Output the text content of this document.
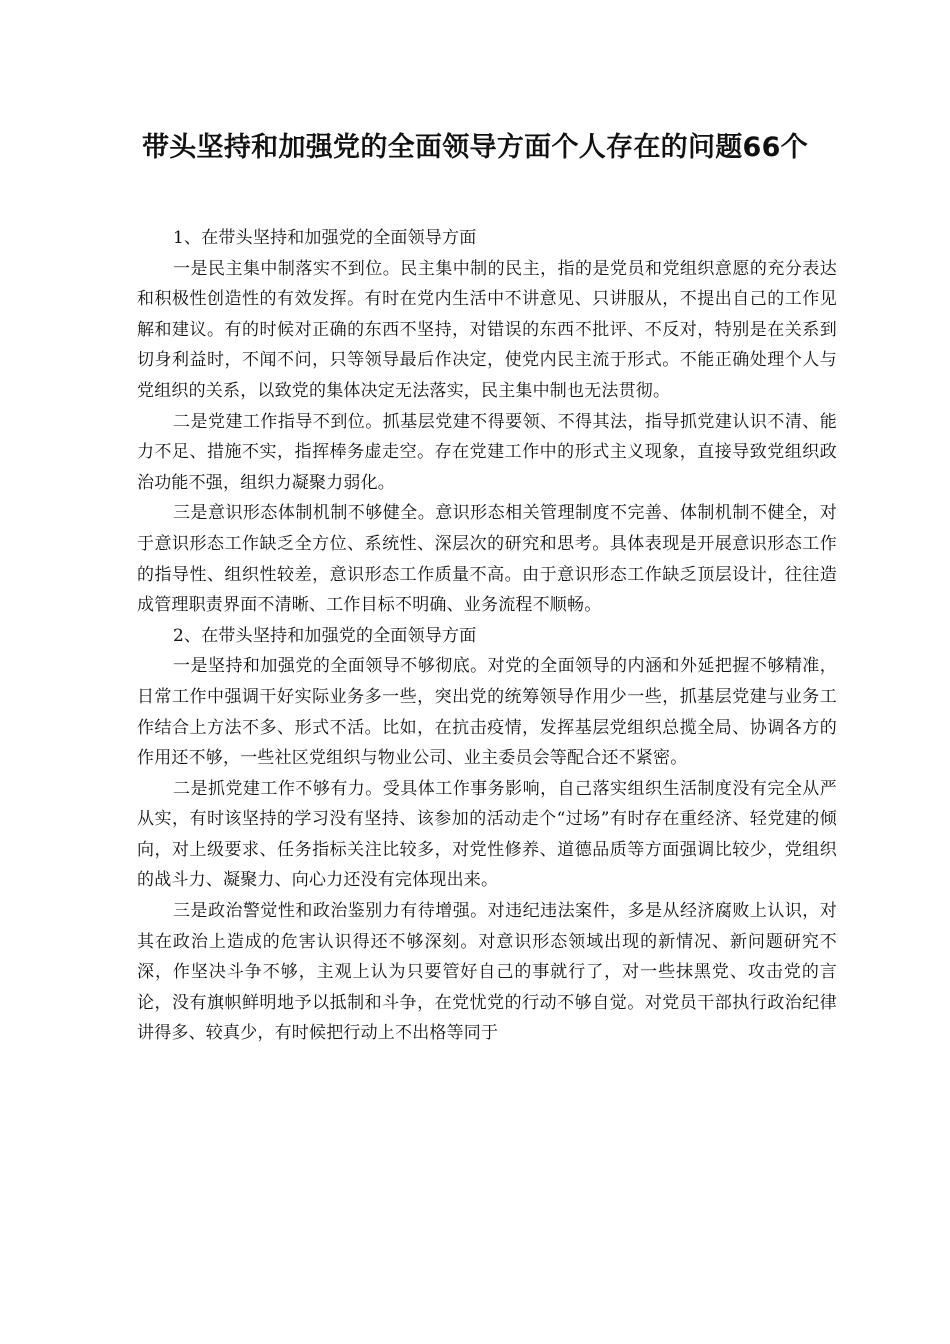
带头坚持和加强党的全面领导方面个人存在的问题66个

1、在带头坚持和加强党的全面领导方面

一是民主集中制落实不到位。民主集中制的民主，指的是党员和党组织意愿的充分表达和积极性创造性的有效发挥。有时在党内生活中不讲意见、只讲服从，不提出自己的工作见解和建议。有的时候对正确的东西不坚持，对错误的东西不批评、不反对，特别是在关系到切身利益时，不闻不问，只等领导最后作决定，使党内民主流于形式。不能正确处理个人与党组织的关系，以致党的集体决定无法落实，民主集中制也无法贯彻。

二是党建工作指导不到位。抓基层党建不得要领、不得其法，指导抓党建认识不清、能力不足、措施不实，指挥棒务虚走空。存在党建工作中的形式主义现象，直接导致党组织政治功能不强，组织力凝聚力弱化。

三是意识形态体制机制不够健全。意识形态相关管理制度不完善、体制机制不健全，对于意识形态工作缺乏全方位、系统性、深层次的研究和思考。具体表现是开展意识形态工作的指导性、组织性较差，意识形态工作质量不高。由于意识形态工作缺乏顶层设计，往往造成管理职责界面不清晰、工作目标不明确、业务流程不顺畅。

2、在带头坚持和加强党的全面领导方面

一是坚持和加强党的全面领导不够彻底。对党的全面领导的内涵和外延把握不够精准，日常工作中强调干好实际业务多一些，突出党的统筹领导作用少一些，抓基层党建与业务工作结合上方法不多、形式不活。比如，在抗击疫情，发挥基层党组织总揽全局、协调各方的作用还不够，一些社区党组织与物业公司、业主委员会等配合还不紧密。

二是抓党建工作不够有力。受具体工作事务影响，自己落实组织生活制度没有完全从严从实，有时该坚持的学习没有坚持、该参加的活动走个“过场”有时存在重经济、轻党建的倾向，对上级要求、任务指标关注比较多，对党性修养、道德品质等方面强调比较少，党组织的战斗力、凝聚力、向心力还没有完体现出来。

三是政治警觉性和政治鉴别力有待增强。对违纪违法案件，多是从经济腐败上认识，对其在政治上造成的危害认识得还不够深刻。对意识形态领域出现的新情况、新问题研究不深，作坚决斗争不够，主观上认为只要管好自己的事就行了，对一些抹黑党、攻击党的言论，没有旗帜鲜明地予以抵制和斗争，在党忧党的行动不够自觉。对党员干部执行政治纪律讲得多、较真少，有时候把行动上不出格等同于
